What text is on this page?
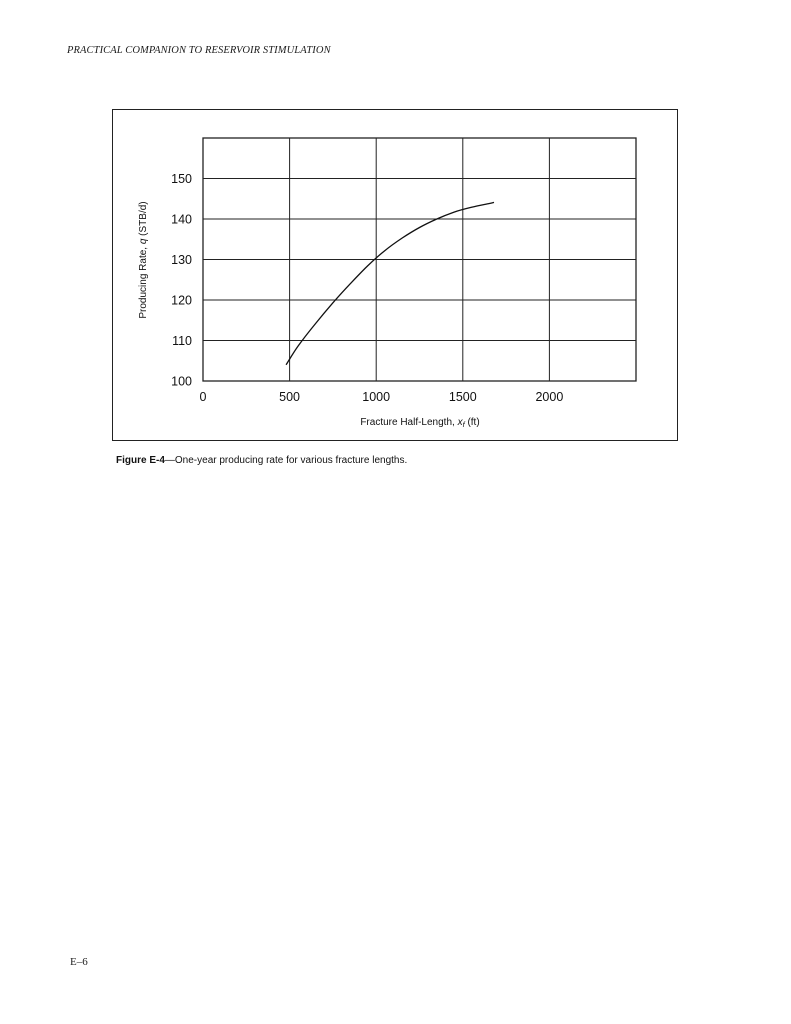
PRACTICAL COMPANION TO RESERVOIR STIMULATION
100
110
120
130
140
150
0	500	1000	1500	2000
Fracture Half-Length, $x_f$ (ft)
Producing Rate, q (STB/d)
Figure E-4—One-year producing rate for various fracture lengths.
E–6
